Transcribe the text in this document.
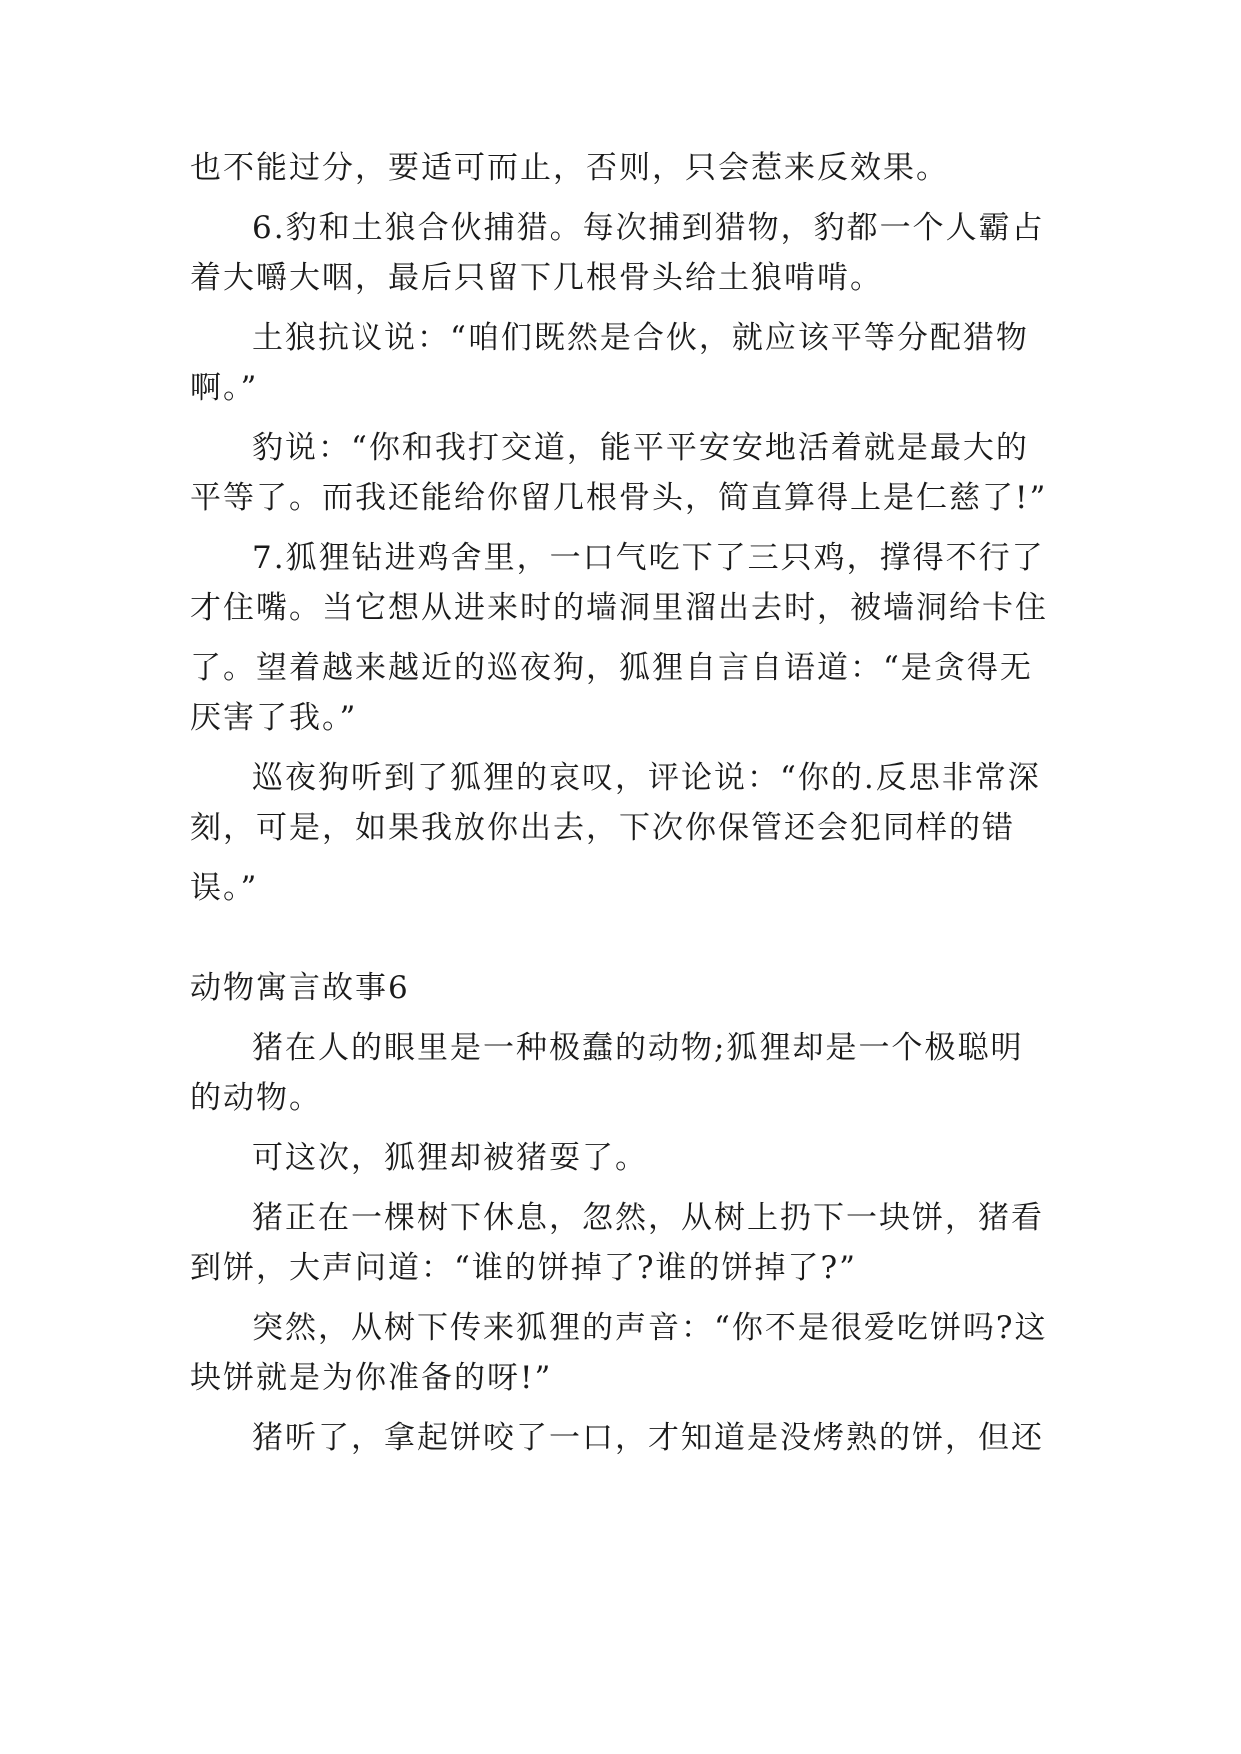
也不能过分，要适可而止，否则，只会惹来反效果。
6.豹和土狼合伙捕猎。每次捕到猎物，豹都一个人霸占
着大嚼大咽，最后只留下几根骨头给土狼啃啃。
土狼抗议说：“咱们既然是合伙，就应该平等分配猎物
啊。”
豹说：“你和我打交道，能平平安安地活着就是最大的
平等了。而我还能给你留几根骨头，简直算得上是仁慈了!”
7.狐狸钻进鸡舍里，一口气吃下了三只鸡，撑得不行了
才住嘴。当它想从进来时的墙洞里溜出去时，被墙洞给卡住
了。望着越来越近的巡夜狗，狐狸自言自语道：“是贪得无
厌害了我。”
巡夜狗听到了狐狸的哀叹，评论说：“你的.反思非常深
刻，可是，如果我放你出去，下次你保管还会犯同样的错
误。”
动物寓言故事6
猪在人的眼里是一种极蠢的动物;狐狸却是一个极聪明
的动物。
可这次，狐狸却被猪耍了。
猪正在一棵树下休息，忽然，从树上扔下一块饼，猪看
到饼，大声问道：“谁的饼掉了?谁的饼掉了?”
突然，从树下传来狐狸的声音：“你不是很爱吃饼吗?这
块饼就是为你准备的呀!”
猪听了，拿起饼咬了一口，才知道是没烤熟的饼，但还
